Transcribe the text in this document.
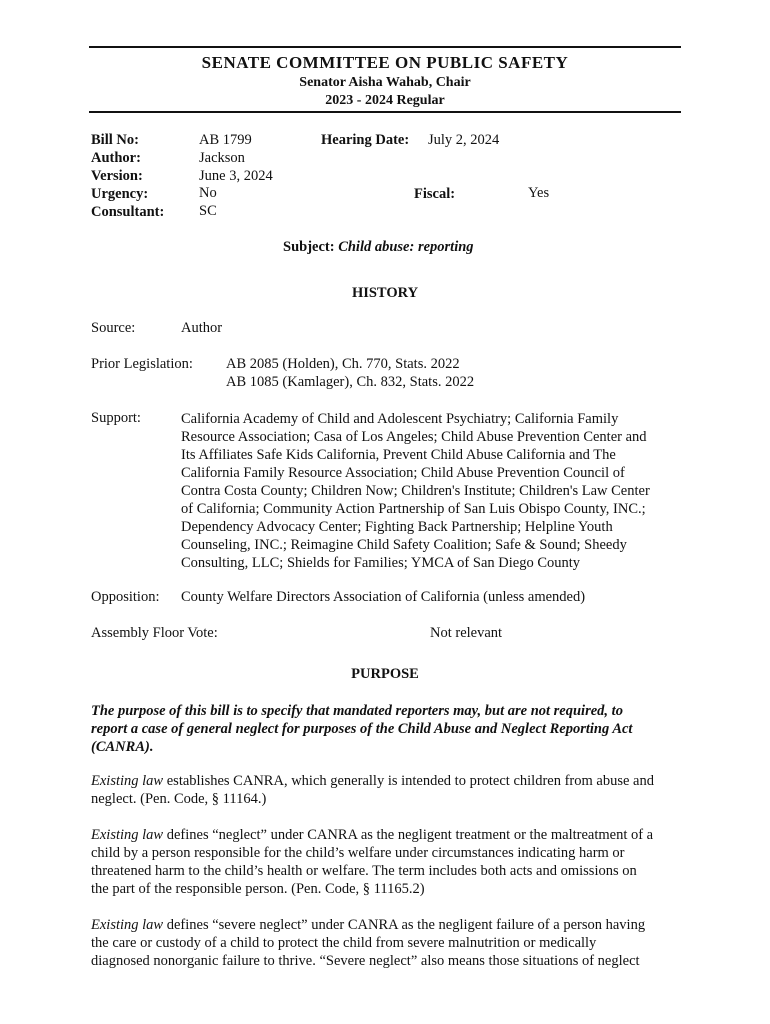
SENATE COMMITTEE ON PUBLIC SAFETY
Senator Aisha Wahab, Chair
2023 - 2024 Regular
Bill No:	AB 1799	Hearing Date: July 2, 2024
Author:	Jackson
Version:	June 3, 2024
Urgency:	No	Fiscal:	Yes
Consultant: SC
Subject: Child abuse: reporting
HISTORY
Source:	Author
Prior Legislation: AB 2085 (Holden), Ch. 770, Stats. 2022
AB 1085 (Kamlager), Ch. 832, Stats. 2022
Support:	California Academy of Child and Adolescent Psychiatry; California Family
Resource Association; Casa of Los Angeles; Child Abuse Prevention Center and
Its Affiliates Safe Kids California, Prevent Child Abuse California and The
California Family Resource Association; Child Abuse Prevention Council of
Contra Costa County; Children Now; Children's Institute; Children's Law Center
of California; Community Action Partnership of San Luis Obispo County, INC.;
Dependency Advocacy Center; Fighting Back Partnership; Helpline Youth
Counseling, INC.; Reimagine Child Safety Coalition; Safe & Sound; Sheedy
Consulting, LLC; Shields for Families; YMCA of San Diego County
Opposition: County Welfare Directors Association of California (unless amended)
Assembly Floor Vote:	Not relevant
PURPOSE
The purpose of this bill is to specify that mandated reporters may, but are not required, to
report a case of general neglect for purposes of the Child Abuse and Neglect Reporting Act
(CANRA).
Existing law establishes CANRA, which generally is intended to protect children from abuse and
neglect. (Pen. Code, § 11164.)
Existing law defines “neglect” under CANRA as the negligent treatment or the maltreatment of a
child by a person responsible for the child’s welfare under circumstances indicating harm or
threatened harm to the child’s health or welfare. The term includes both acts and omissions on
the part of the responsible person. (Pen. Code, § 11165.2)
Existing law defines “severe neglect” under CANRA as the negligent failure of a person having
the care or custody of a child to protect the child from severe malnutrition or medically
diagnosed nonorganic failure to thrive. “Severe neglect” also means those situations of neglect
